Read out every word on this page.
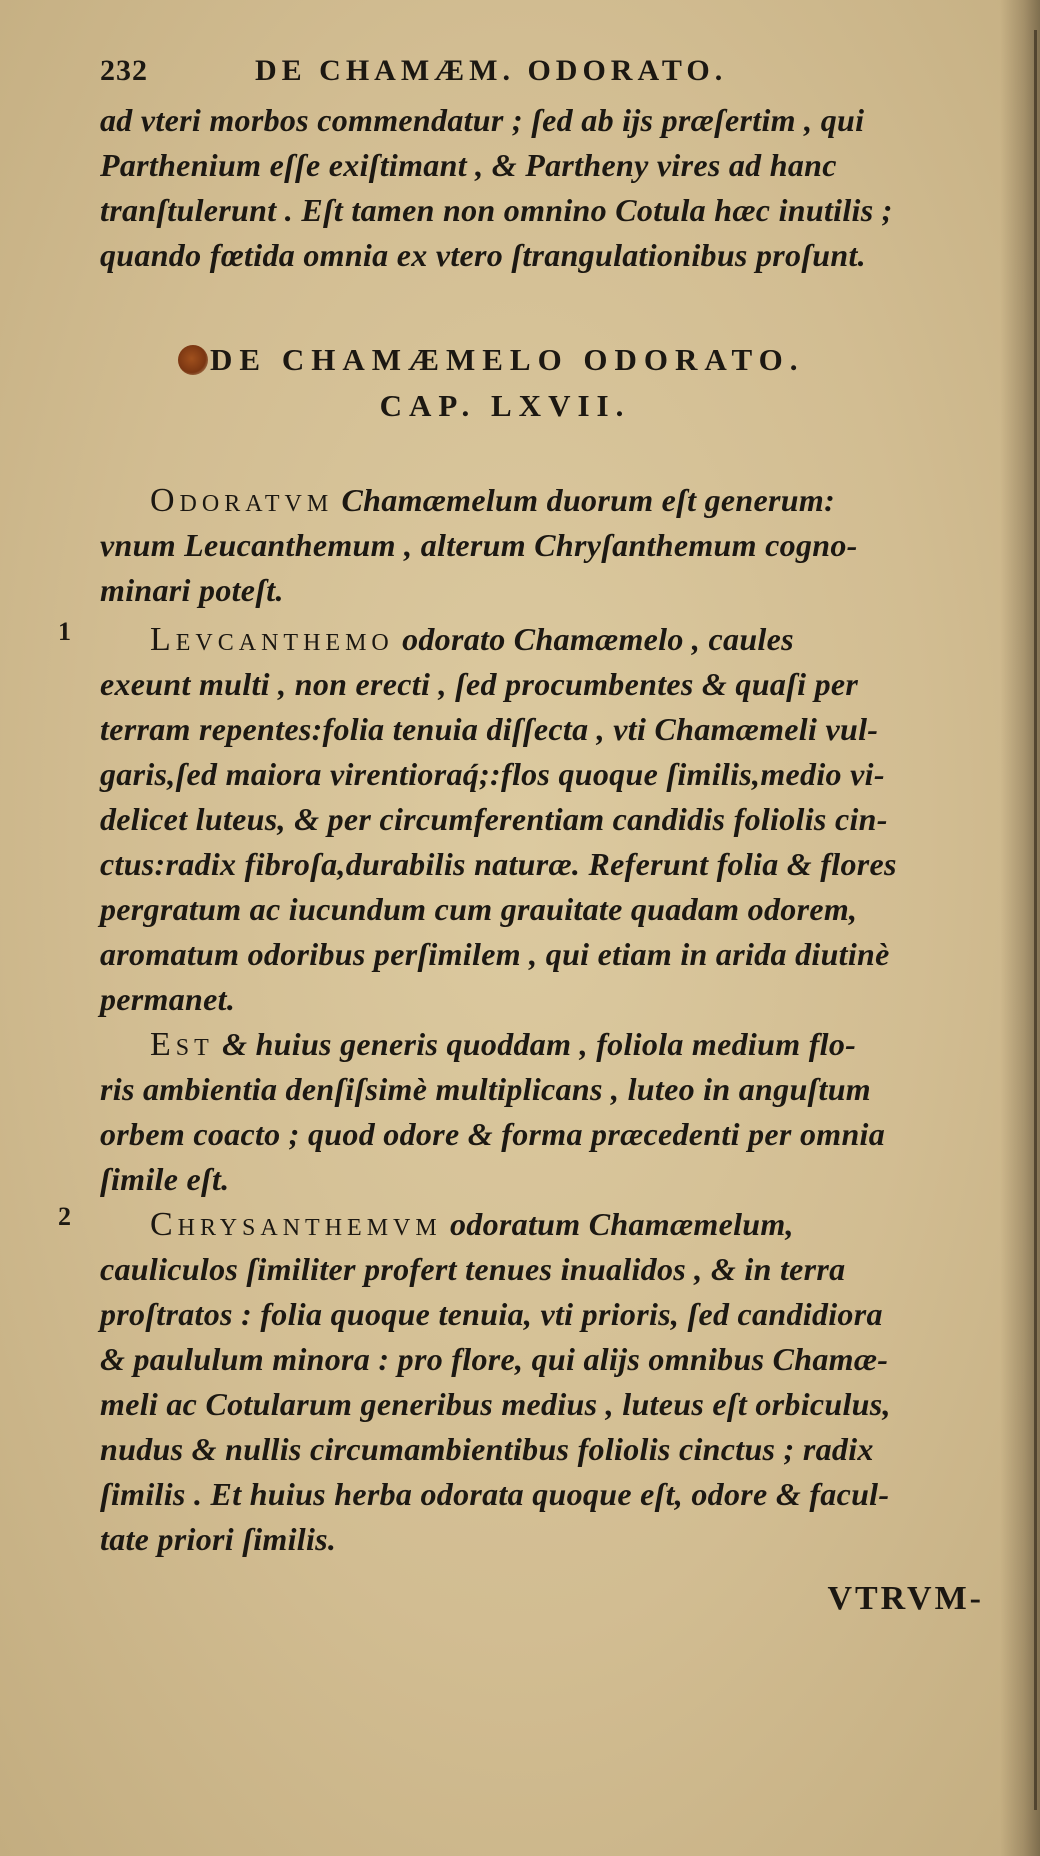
232	DE CHAMÆM. ODORATO.

ad vteri morbos commendatur ; ſed ab ijs præſertim , qui
Parthenium eſſe exiſtimant , & Partheny vires ad hanc
tranſtulerunt . Eſt tamen non omnino Cotula hæc inutilis ;
quando fœtida omnia ex vtero ſtrangulationibus proſunt.

DE CHAMÆMELO ODORATO.
CAP. LXVII.

Odoratvm Chamæmelum duorum eſt generum:
vnum Leucanthemum , alterum Chryſanthemum cogno-
minari poteſt.

1	Levcanthemo odorato Chamæmelo , caules
exeunt multi , non erecti , ſed procumbentes & quaſi per
terram repentes:folia tenuia diſſecta , vti Chamæmeli vul-
garis,ſed maiora virentioraq́;:flos quoque ſimilis,medio vi-
delicet luteus, & per circumferentiam candidis foliolis cin-
ctus:radix fibroſa,durabilis naturæ. Referunt folia & flores
pergratum ac iucundum cum grauitate quadam odorem,
aromatum odoribus perſimilem , qui etiam in arida diutinè
permanet.

Est & huius generis quoddam , foliola medium flo-
ris ambientia denſiſsimè multiplicans , luteo in anguſtum
orbem coacto ; quod odore & forma præcedenti per omnia
ſimile eſt.

2	Chrysanthemvm odoratum Chamæmelum,
cauliculos ſimiliter profert tenues inualidos , & in terra
proſtratos : folia quoque tenuia, vti prioris, ſed candidiora
& paululum minora : pro flore, qui alijs omnibus Chamæ-
meli ac Cotularum generibus medius , luteus eſt orbiculus,
nudus & nullis circumambientibus foliolis cinctus ; radix
ſimilis . Et huius herba odorata quoque eſt, odore & facul-
tate priori ſimilis.

VTRVM-
